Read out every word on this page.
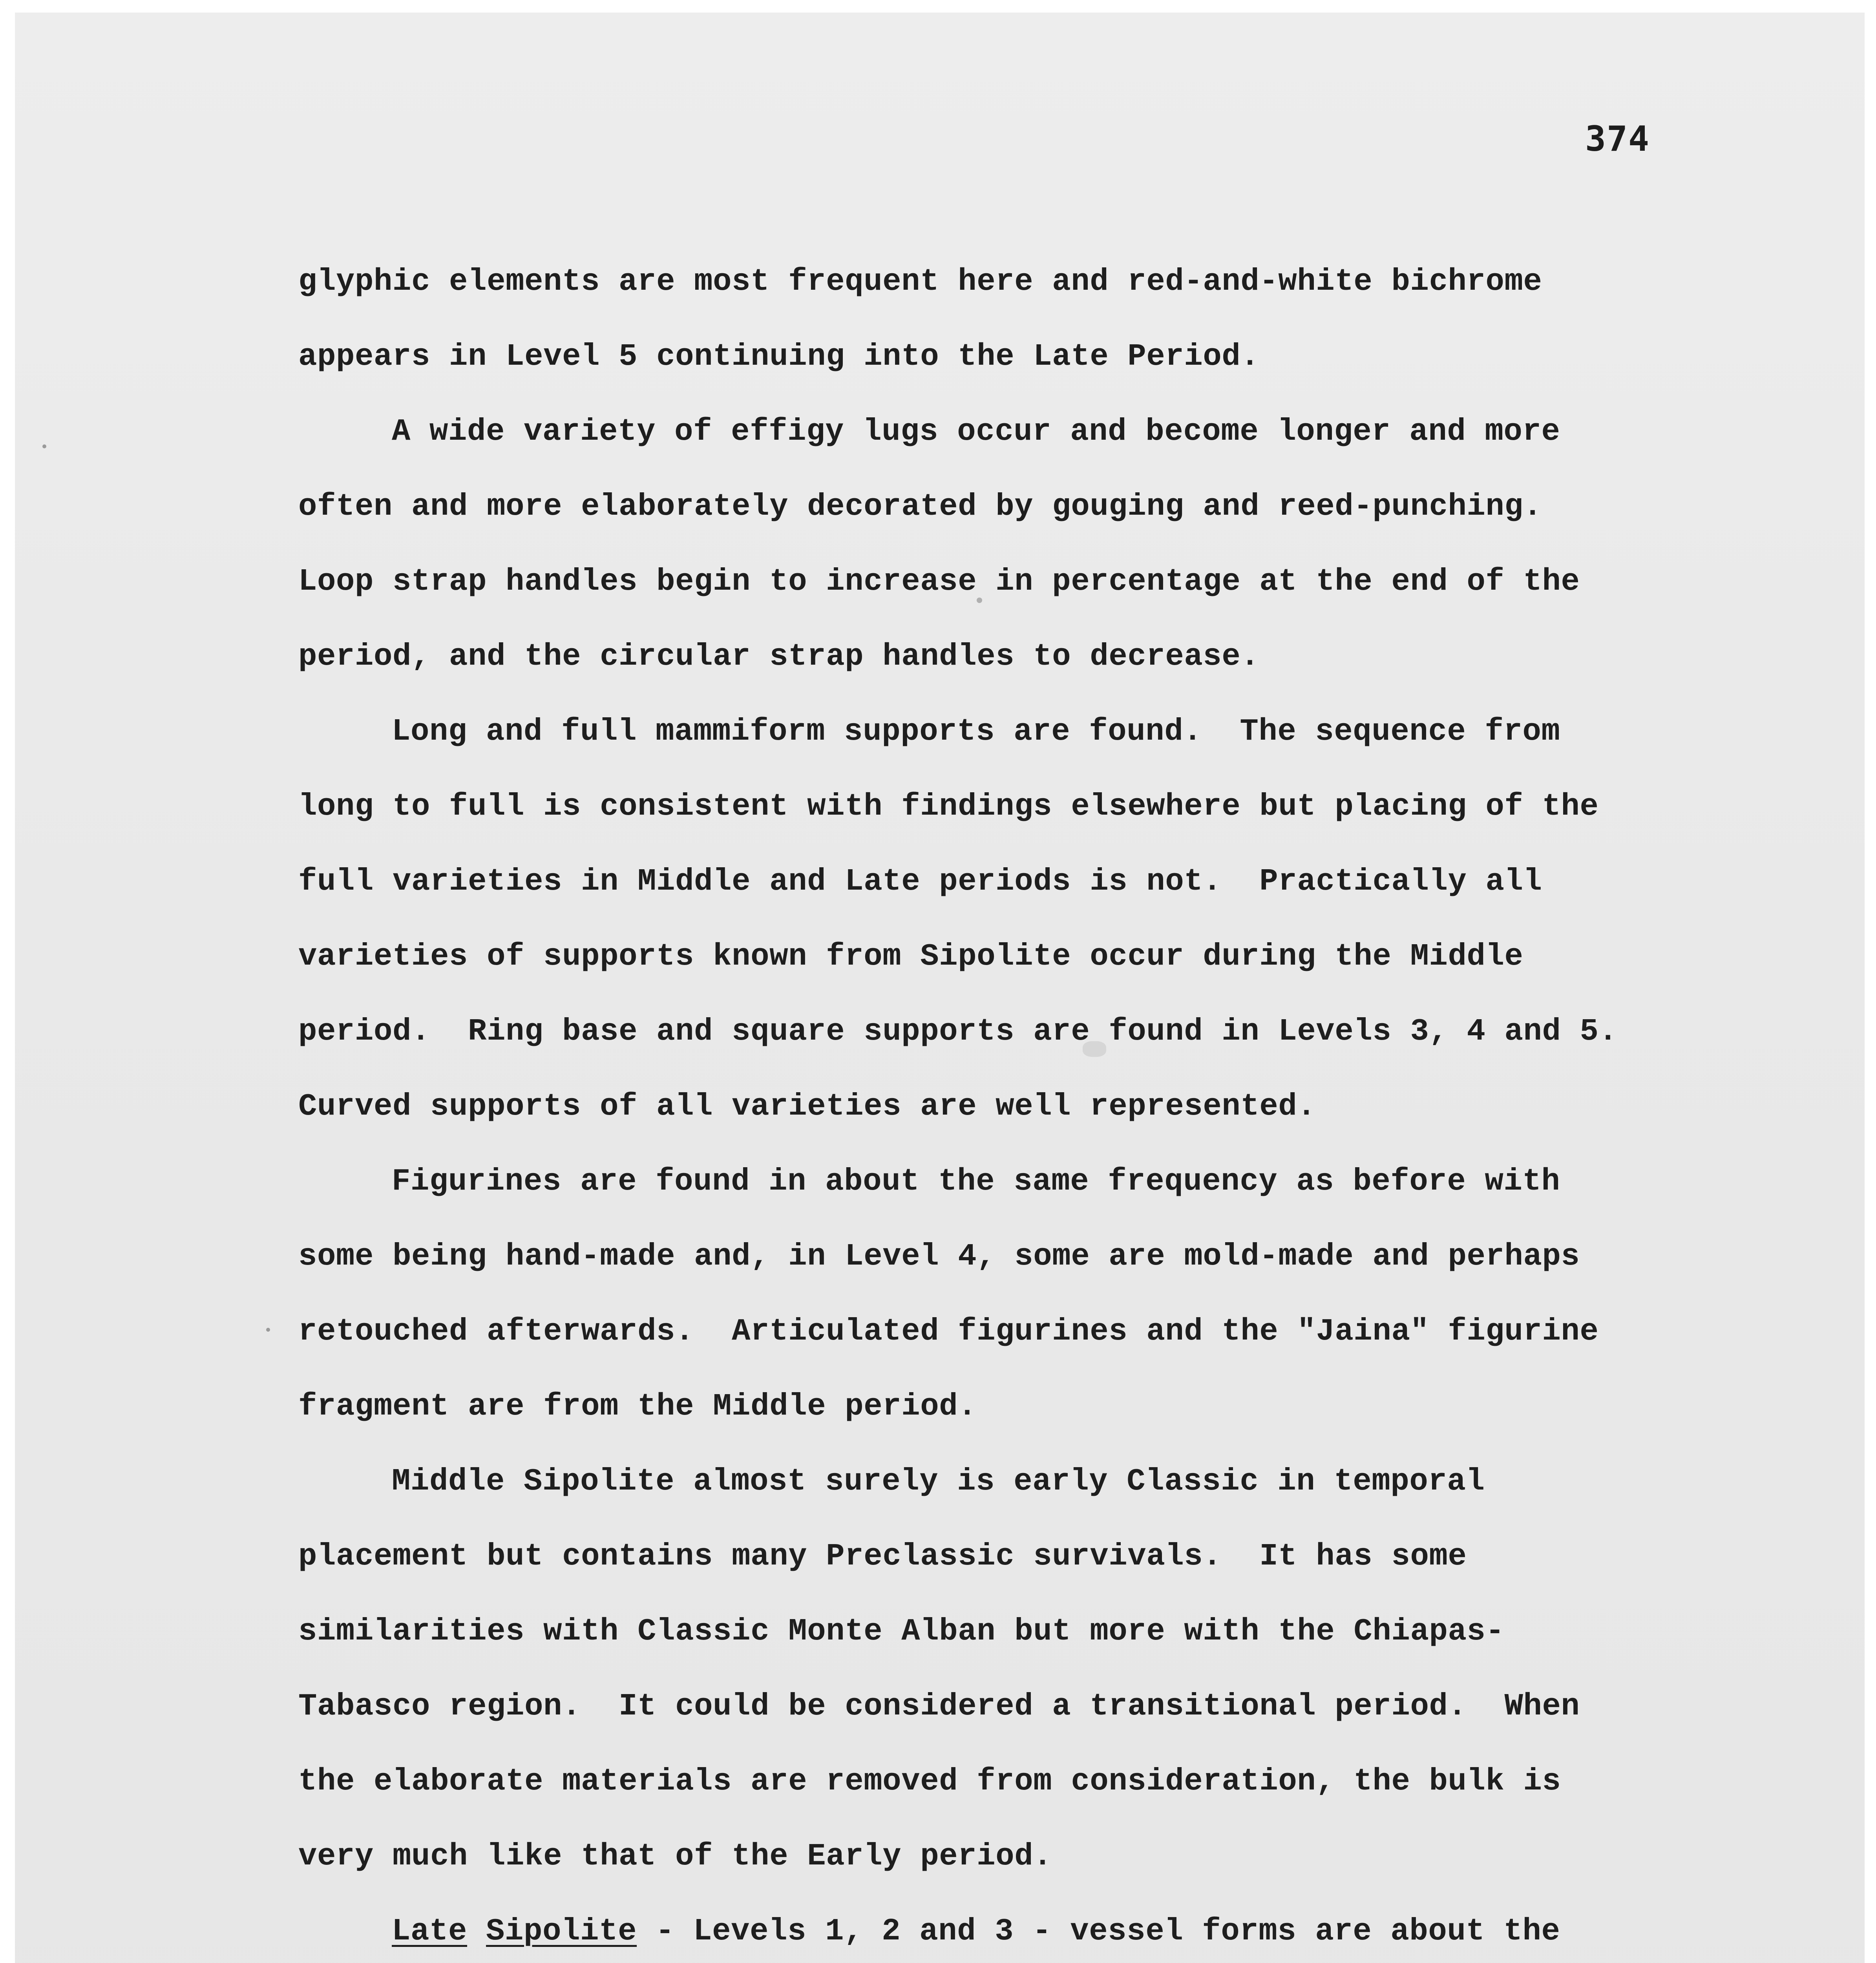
374
glyphic elements are most frequent here and red-and-white bichrome
appears in Level 5 continuing into the Late Period.
A wide variety of effigy lugs occur and become longer and more
often and more elaborately decorated by gouging and reed-punching.
Loop strap handles begin to increase in percentage at the end of the
period, and the circular strap handles to decrease.
Long and full mammiform supports are found.  The sequence from
long to full is consistent with findings elsewhere but placing of the
full varieties in Middle and Late periods is not.  Practically all
varieties of supports known from Sipolite occur during the Middle
period.  Ring base and square supports are found in Levels 3, 4 and 5.
Curved supports of all varieties are well represented.
Figurines are found in about the same frequency as before with
some being hand-made and, in Level 4, some are mold-made and perhaps
retouched afterwards.  Articulated figurines and the "Jaina" figurine
fragment are from the Middle period.
Middle Sipolite almost surely is early Classic in temporal
placement but contains many Preclassic survivals.  It has some
similarities with Classic Monte Alban but more with the Chiapas-
Tabasco region.  It could be considered a transitional period.  When
the elaborate materials are removed from consideration, the bulk is
very much like that of the Early period.
Late Sipolite - Levels 1, 2 and 3 - vessel forms are about the
